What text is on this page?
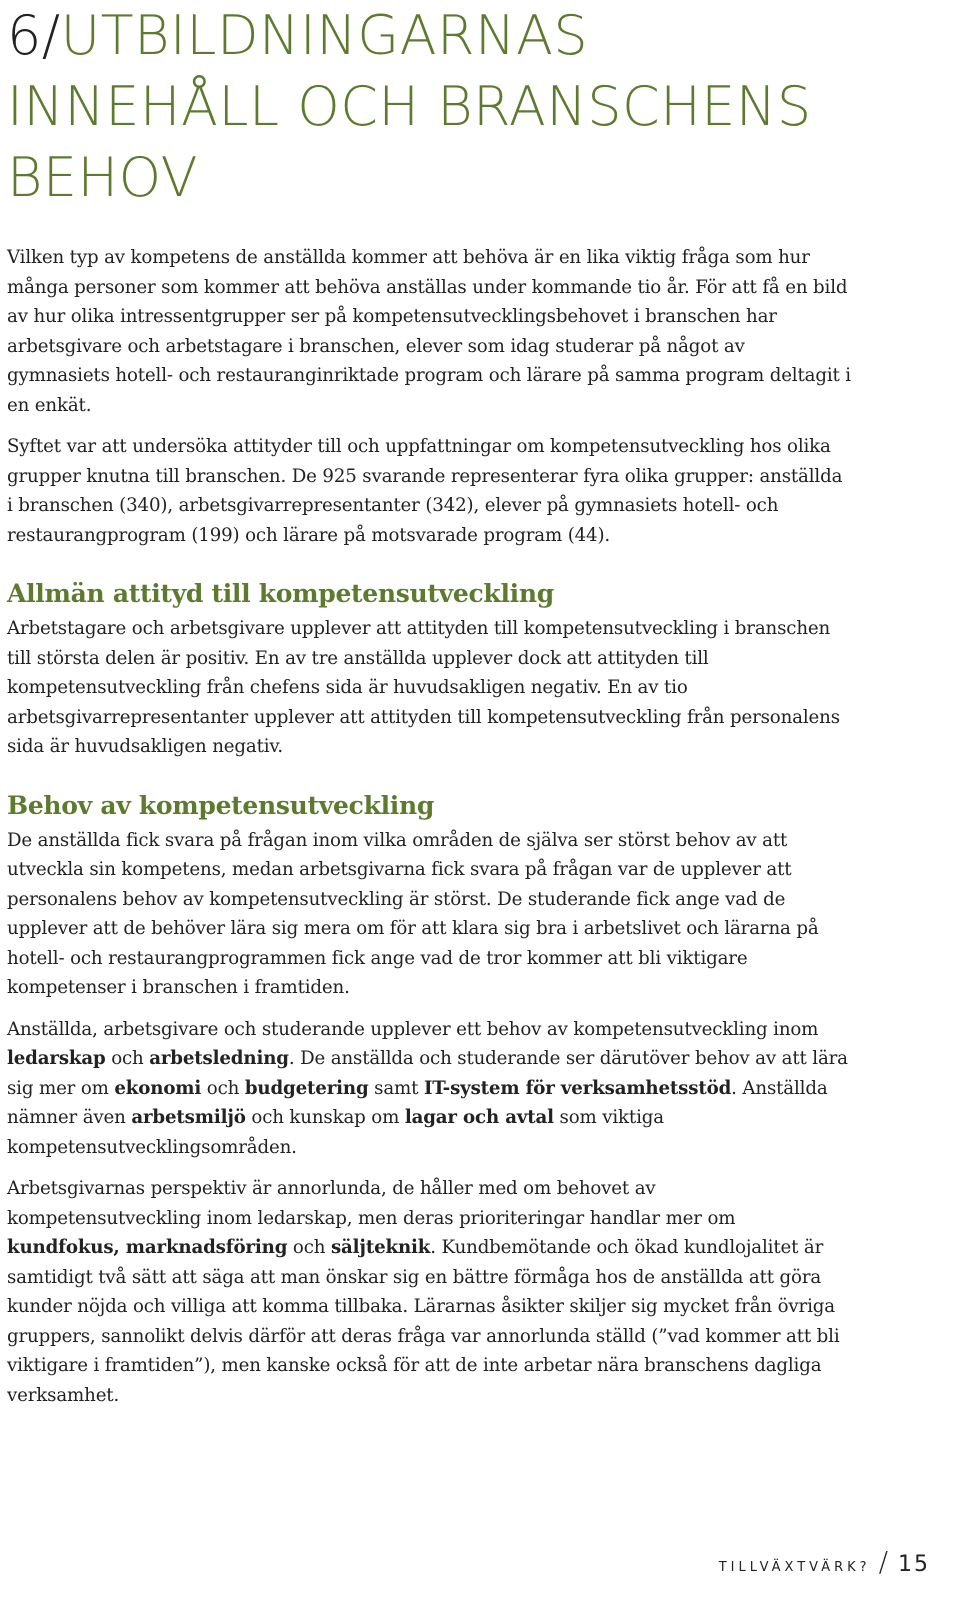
6/UTBILDNINGARNAS
INNEHÅLL OCH BRANSCHENS
BEHOV

Vilken typ av kompetens de anställda kommer att behöva är en lika viktig fråga som hur många personer som kommer att behöva anställas under kommande tio år. För att få en bild av hur olika intressentgrupper ser på kompetensutvecklingsbehovet i branschen har arbetsgivare och arbetstagare i branschen, elever som idag studerar på något av gymnasiets hotell- och restauranginriktade program och lärare på samma program deltagit i en enkät.

Syftet var att undersöka attityder till och uppfattningar om kompetensutveckling hos olika grupper knutna till branschen. De 925 svarande representerar fyra olika grupper: anställda i branschen (340), arbetsgivarrepresentanter (342), elever på gymnasiets hotell- och restaurangprogram (199) och lärare på motsvarade program (44).

Allmän attityd till kompetensutveckling

Arbetstagare och arbetsgivare upplever att attityden till kompetensutveckling i branschen till största delen är positiv. En av tre anställda upplever dock att attityden till kompetensutveckling från chefens sida är huvudsakligen negativ. En av tio arbetsgivarrepresentanter upplever att attityden till kompetensutveckling från personalens sida är huvudsakligen negativ.

Behov av kompetensutveckling

De anställda fick svara på frågan inom vilka områden de själva ser störst behov av att utveckla sin kompetens, medan arbetsgivarna fick svara på frågan var de upplever att personalens behov av kompetensutveckling är störst. De studerande fick ange vad de upplever att de behöver lära sig mera om för att klara sig bra i arbetslivet och lärarna på hotell- och restaurangprogrammen fick ange vad de tror kommer att bli viktigare kompetenser i branschen i framtiden.

Anställda, arbetsgivare och studerande upplever ett behov av kompetensutveckling inom ledarskap och arbetsledning. De anställda och studerande ser därutöver behov av att lära sig mer om ekonomi och budgetering samt IT-system för verksamhetsstöd. Anställda nämner även arbetsmiljö och kunskap om lagar och avtal som viktiga kompetensutvecklingsområden.

Arbetsgivarnas perspektiv är annorlunda, de håller med om behovet av kompetensutveckling inom ledarskap, men deras prioriteringar handlar mer om kundfokus, marknadsföring och säljteknik. Kundbemötande och ökad kundlojalitet är samtidigt två sätt att säga att man önskar sig en bättre förmåga hos de anställda att göra kunder nöjda och villiga att komma tillbaka. Lärarnas åsikter skiljer sig mycket från övriga gruppers, sannolikt delvis därför att deras fråga var annorlunda ställd (”vad kommer att bli viktigare i framtiden”), men kanske också för att de inte arbetar nära branschens dagliga verksamhet.

TILLVÄXTVÄRK? / 15
